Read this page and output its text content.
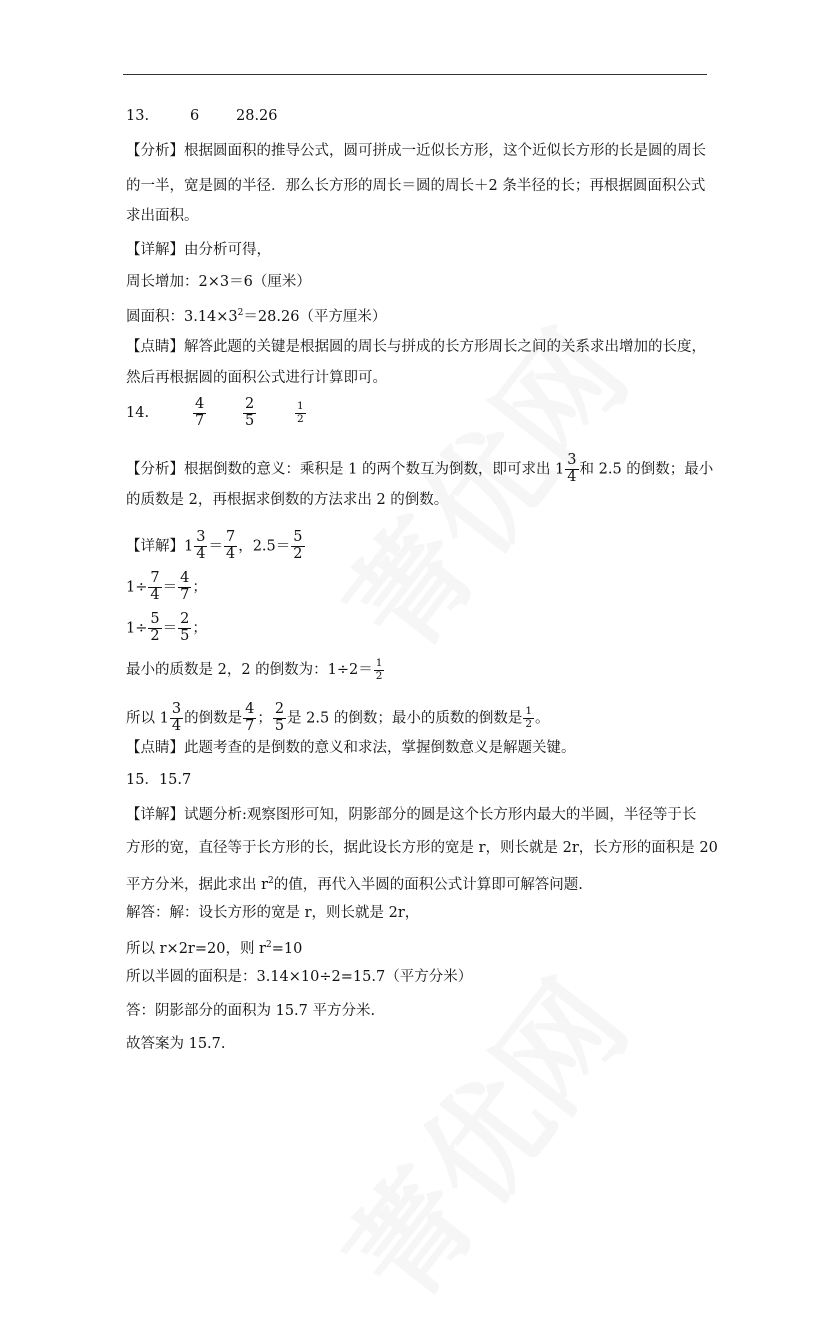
13.	6	28.26
【分析】根据圆面积的推导公式，圆可拼成一近似长方形，这个近似长方形的长是圆的周长
的一半，宽是圆的半径．那么长方形的周长＝圆的周长＋2 条半径的长；再根据圆面积公式
求出面积。
【详解】由分析可得，
周长增加：2×3＝6（厘米）
圆面积：$3.14\times 3^2=28.26$（平方厘米）
【点睛】解答此题的关键是根据圆的周长与拼成的长方形周长之间的关系求出增加的长度，
然后再根据圆的面积公式进行计算即可。
14.	$\frac{4}{7}$	$\frac{2}{5}$	$\frac{1}{2}$
【分析】根据倒数的意义：乘积是 1 的两个数互为倒数，即可求出 $1 \frac{3}{4}$ 和 2.5 的倒数；最小
的质数是 2，再根据求倒数的方法求出 2 的倒数。
【详解】$1 \frac{3}{4} = \frac{7}{4}$ ，$2.5= \frac{5}{2}$
$1\div \frac{7}{4} = \frac{4}{7}$ ；
$1\div \frac{5}{2} = \frac{2}{5}$ ；
最小的质数是 2，2 的倒数为：$1\div 2= \frac{1}{2}$
所以 $1 \frac{3}{4}$ 的倒数是 $\frac{4}{7}$ ； $\frac{2}{5}$ 是 2.5 的倒数；最小的质数的倒数是 $\frac{1}{2}$ 。
【点睛】此题考查的是倒数的意义和求法，掌握倒数意义是解题关键。
15．15.7
【详解】试题分析:观察图形可知，阴影部分的圆是这个长方形内最大的半圆，半径等于长
方形的宽，直径等于长方形的长，据此设长方形的宽是 r，则长就是 2r，长方形的面积是 20
平方分米，据此求出 $r^2$的值，再代入半圆的面积公式计算即可解答问题.
解答：解：设长方形的宽是 r，则长就是 2r，
所以 r×2r=20，则 $r^2=10$
所以半圆的面积是：3.14×10÷2=15.7（平方分米）
答：阴影部分的面积为 15.7 平方分米.
故答案为 15.7.
